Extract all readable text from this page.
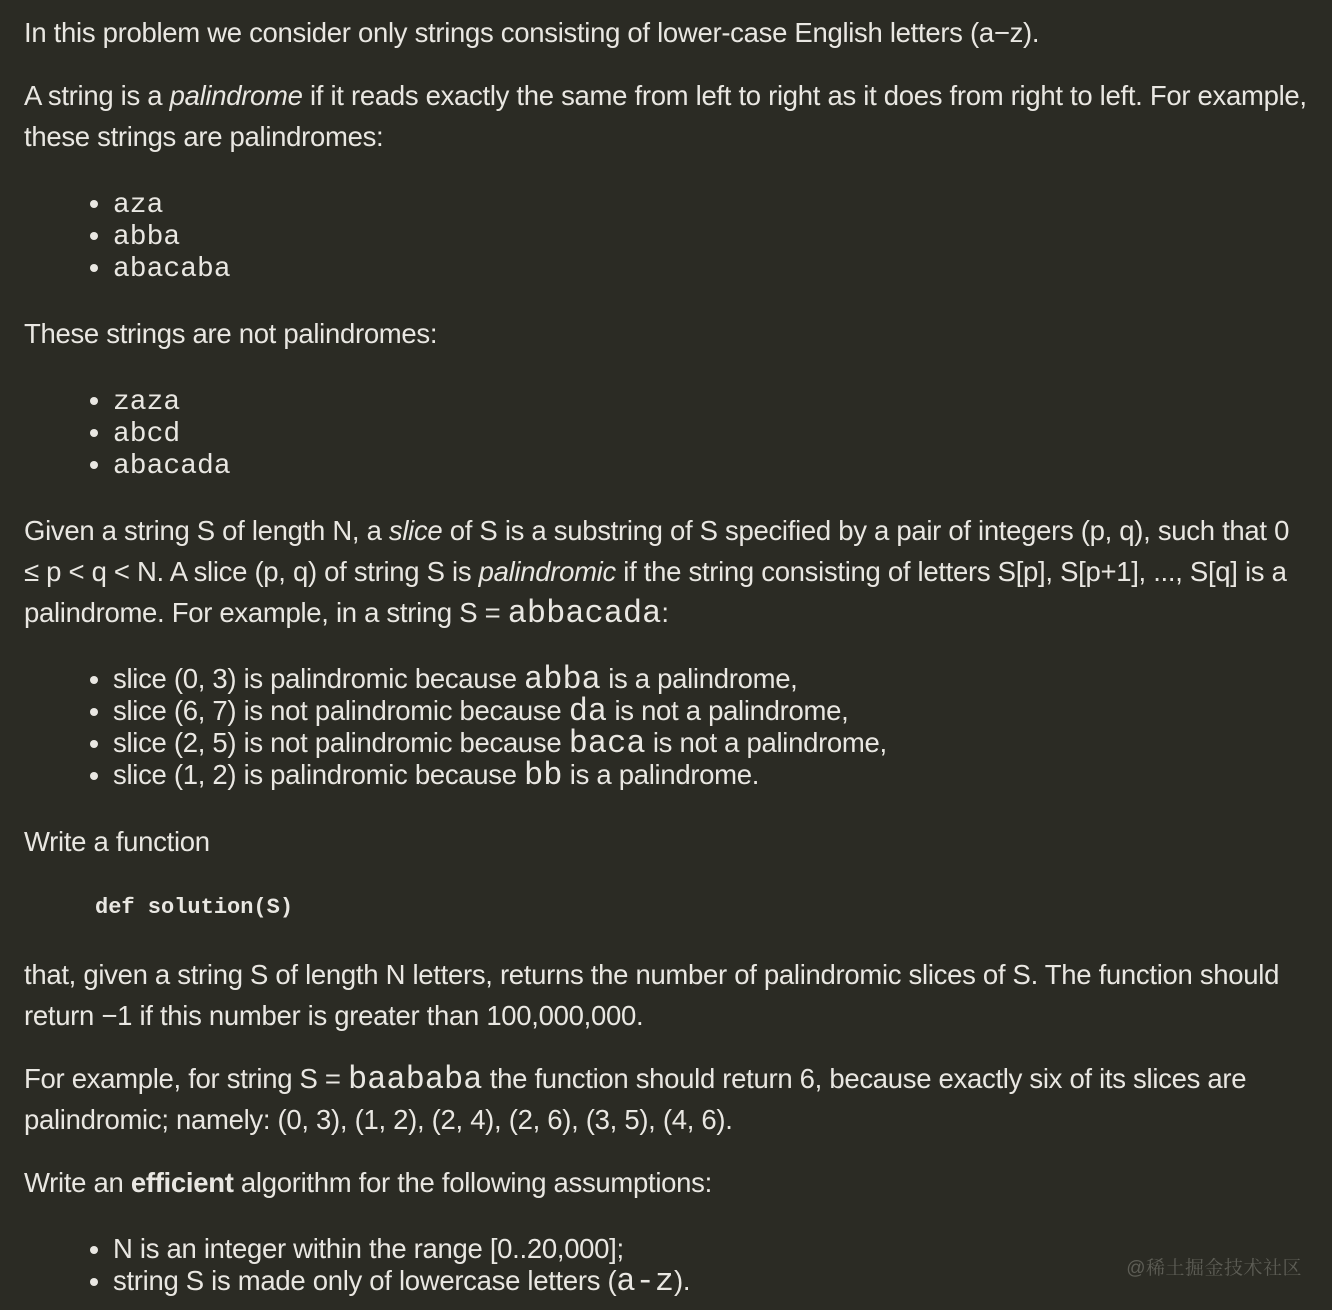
In this problem we consider only strings consisting of lower-case English letters (a−z).

A string is a palindrome if it reads exactly the same from left to right as it does from right to left. For example, these strings are palindromes:

• aza
• abba
• abacaba

These strings are not palindromes:

• zaza
• abcd
• abacada

Given a string S of length N, a slice of S is a substring of S specified by a pair of integers (p, q), such that 0 ≤ p < q < N. A slice (p, q) of string S is palindromic if the string consisting of letters S[p], S[p+1], ..., S[q] is a palindrome. For example, in a string S = abbacada:

• slice (0, 3) is palindromic because abba is a palindrome,
• slice (6, 7) is not palindromic because da is not a palindrome,
• slice (2, 5) is not palindromic because baca is not a palindrome,
• slice (1, 2) is palindromic because bb is a palindrome.

Write a function

def solution(S)

that, given a string S of length N letters, returns the number of palindromic slices of S. The function should return −1 if this number is greater than 100,000,000.

For example, for string S = baababa the function should return 6, because exactly six of its slices are palindromic; namely: (0, 3), (1, 2), (2, 4), (2, 6), (3, 5), (4, 6).

Write an efficient algorithm for the following assumptions:

• N is an integer within the range [0..20,000];
• string S is made only of lowercase letters (a-z).	@稀土掘金技术社区
